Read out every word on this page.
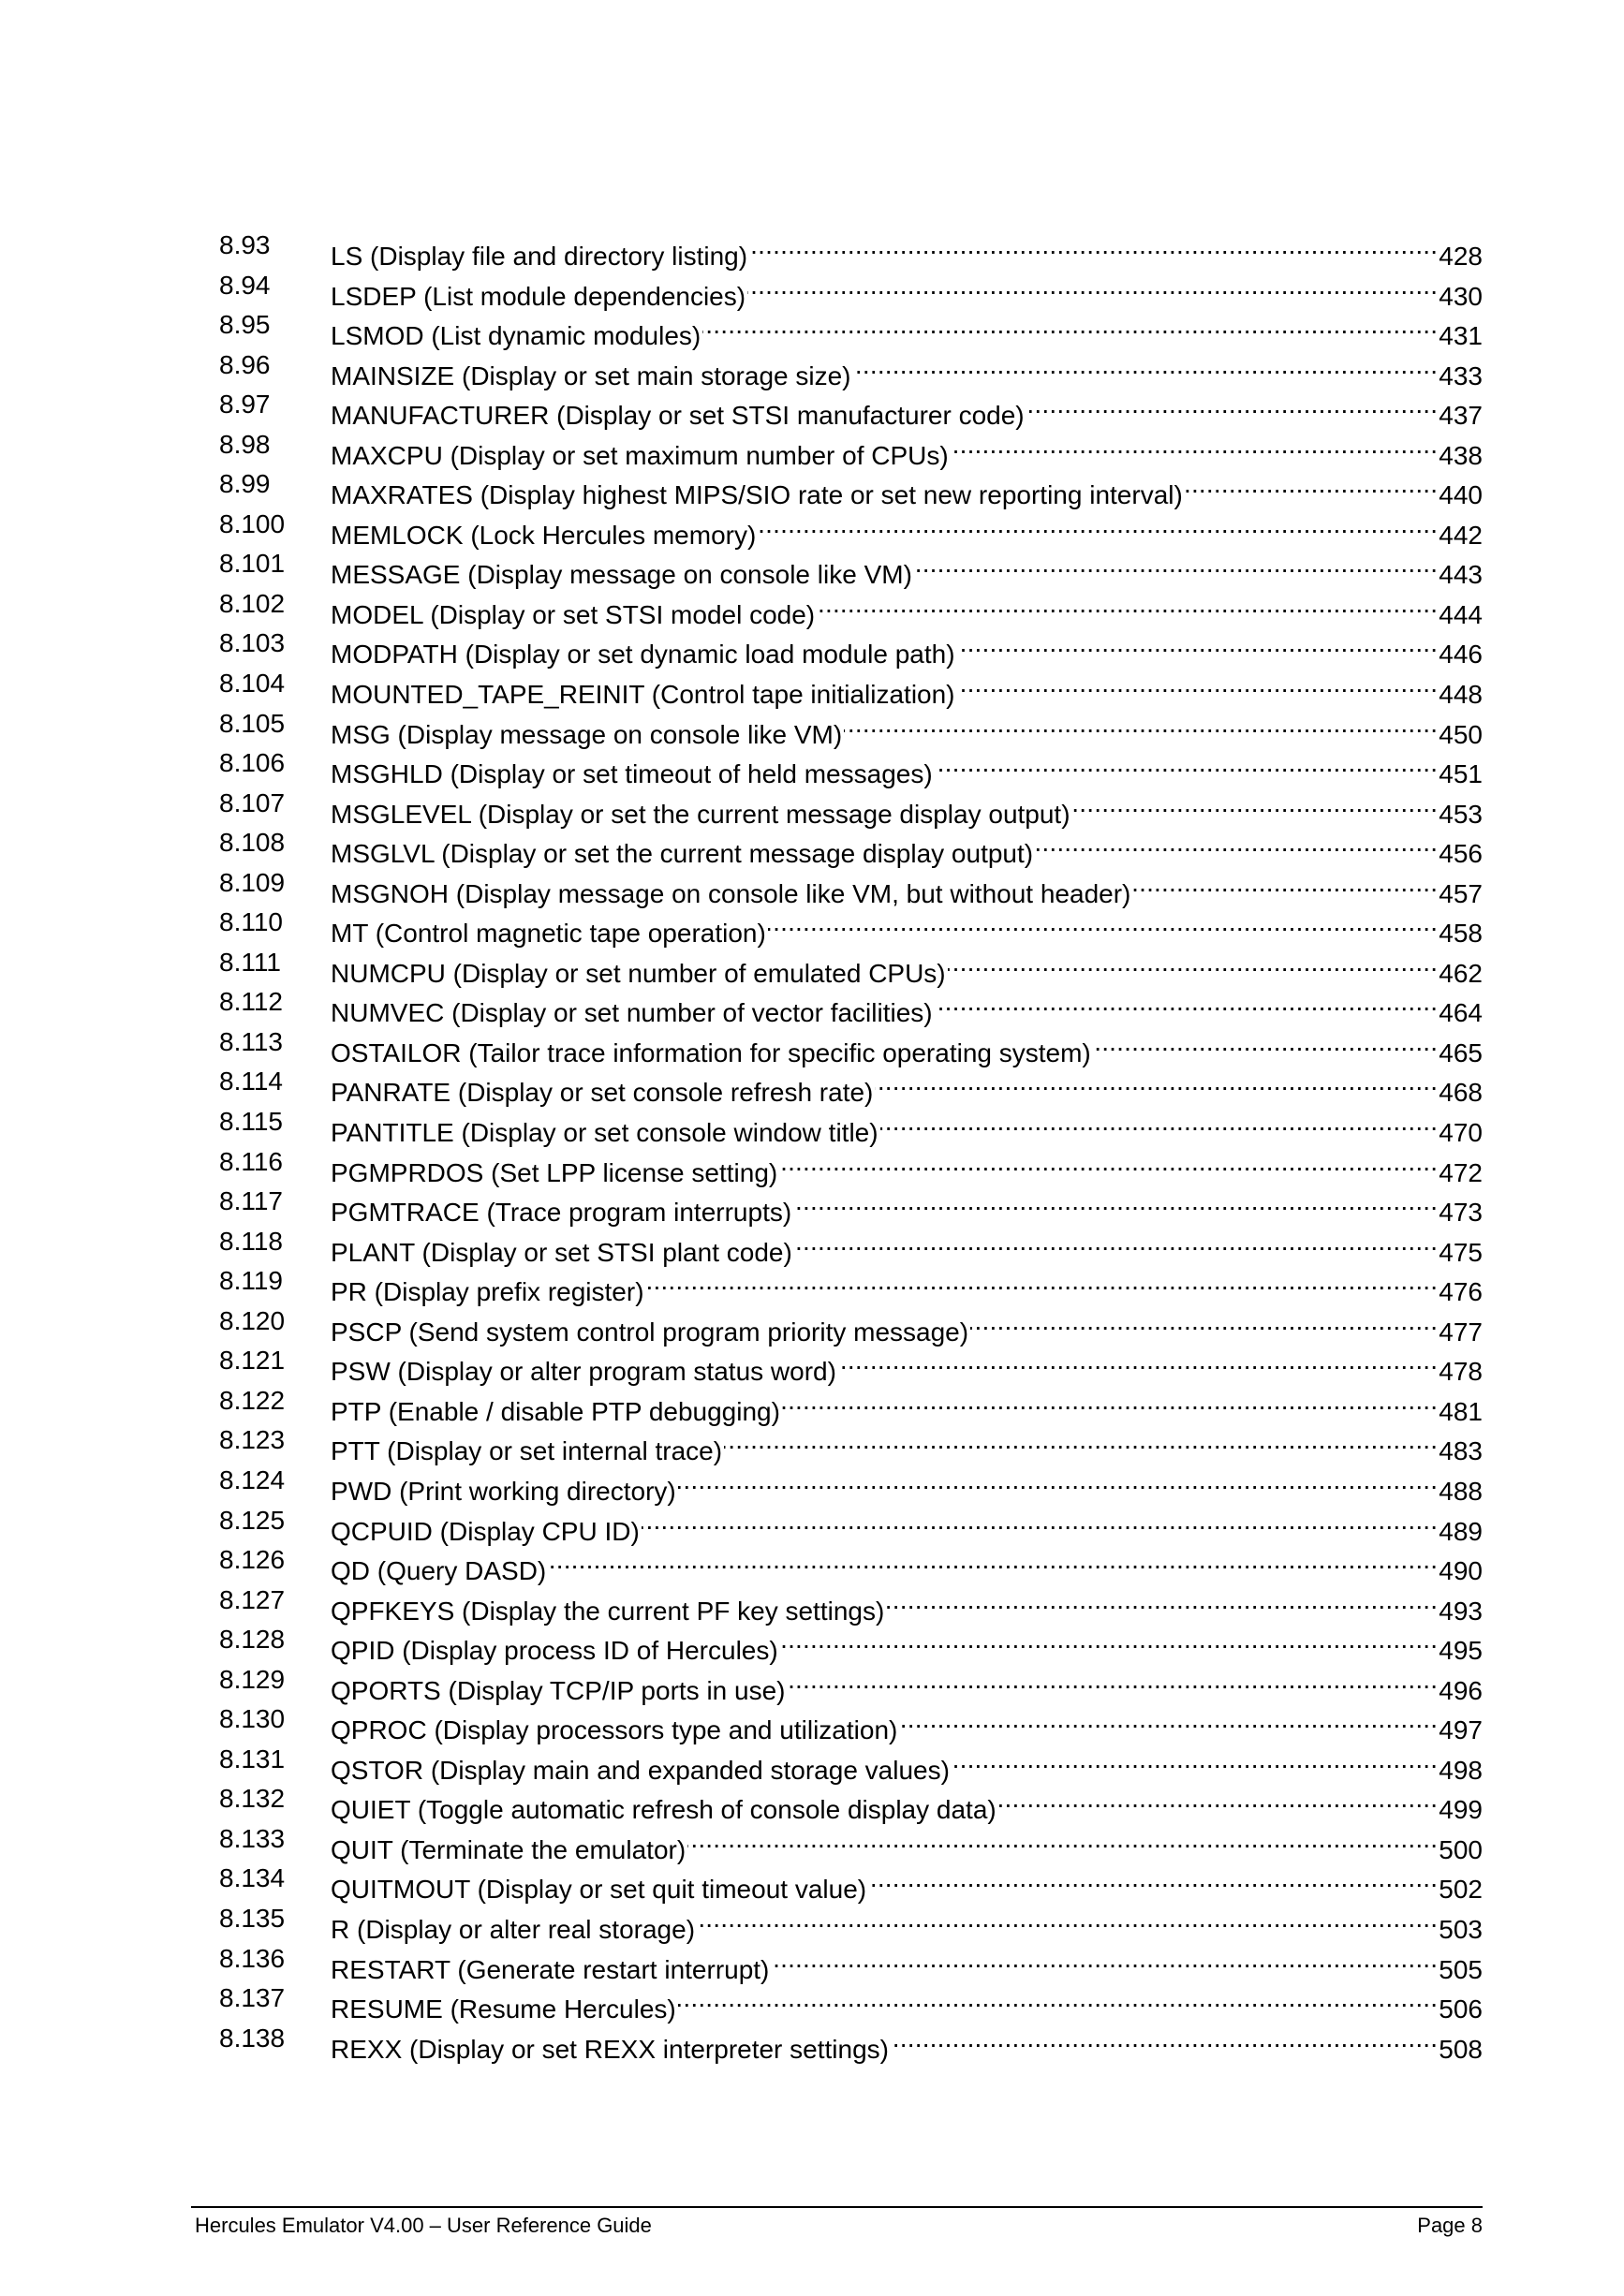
8.93 LS (Display file and directory listing) .....	428
8.94 LSDEP (List module dependencies) .....	430
8.95 LSMOD (List dynamic modules) .....	431
8.96 MAINSIZE (Display or set main storage size) .....	433
8.97 MANUFACTURER (Display or set STSI manufacturer code) .....	437
8.98 MAXCPU (Display or set maximum number of CPUs) .....	438
8.99 MAXRATES (Display highest MIPS/SIO rate or set new reporting interval) .....	440
8.100 MEMLOCK (Lock Hercules memory) .....	442
8.101 MESSAGE (Display message on console like VM) .....	443
8.102 MODEL (Display or set STSI model code) .....	444
8.103 MODPATH (Display or set dynamic load module path) .....	446
8.104 MOUNTED_TAPE_REINIT (Control tape initialization) .....	448
8.105 MSG (Display message on console like VM) .....	450
8.106 MSGHLD (Display or set timeout of held messages) .....	451
8.107 MSGLEVEL (Display or set the current message display output) .....	453
8.108 MSGLVL (Display or set the current message display output) .....	456
8.109 MSGNOH (Display message on console like VM, but without header) .....	457
8.110 MT (Control magnetic tape operation) .....	458
8.111 NUMCPU (Display or set number of emulated CPUs) .....	462
8.112 NUMVEC (Display or set number of vector facilities) .....	464
8.113 OSTAILOR (Tailor trace information for specific operating system) .....	465
8.114 PANRATE (Display or set console refresh rate) .....	468
8.115 PANTITLE (Display or set console window title) .....	470
8.116 PGMPRDOS (Set LPP license setting) .....	472
8.117 PGMTRACE (Trace program interrupts) .....	473
8.118 PLANT (Display or set STSI plant code) .....	475
8.119 PR (Display prefix register) .....	476
8.120 PSCP (Send system control program priority message) .....	477
8.121 PSW (Display or alter program status word) .....	478
8.122 PTP (Enable / disable PTP debugging) .....	481
8.123 PTT (Display or set internal trace) .....	483
8.124 PWD (Print working directory) .....	488
8.125 QCPUID (Display CPU ID) .....	489
8.126 QD (Query DASD) .....	490
8.127 QPFKEYS (Display the current PF key settings) .....	493
8.128 QPID (Display process ID of Hercules) .....	495
8.129 QPORTS (Display TCP/IP ports in use) .....	496
8.130 QPROC (Display processors type and utilization) .....	497
8.131 QSTOR (Display main and expanded storage values) .....	498
8.132 QUIET (Toggle automatic refresh of console display data) .....	499
8.133 QUIT (Terminate the emulator) .....	500
8.134 QUITMOUT (Display or set quit timeout value) .....	502
8.135 R (Display or alter real storage) .....	503
8.136 RESTART (Generate restart interrupt) .....	505
8.137 RESUME (Resume Hercules) .....	506
8.138 REXX (Display or set REXX interpreter settings) .....	508
Hercules Emulator V4.00 – User Reference Guide	Page 8
